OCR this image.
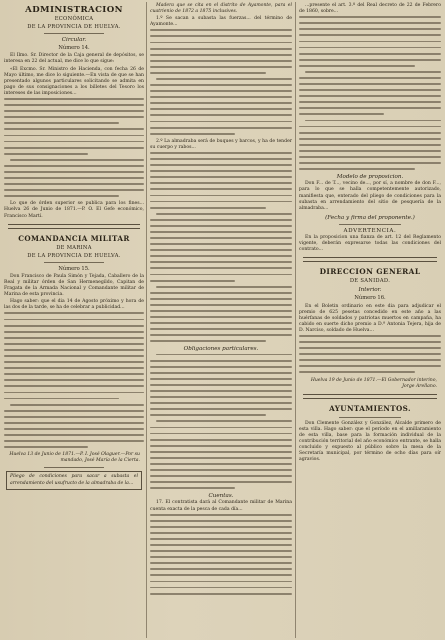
ADMINISTRACION
ECONÓMICA
DE LA PROVINCIA DE HUELVA.
Circular.
Número 14.
El Ilmo. Sr. Director de la Caja general de depósitos, se interesa en 22 del actual, me dice lo que sigue:
«El Excmo. Sr. Ministro de Hacienda, con fecha 26 de Mayo último, me dice lo siguiente.—En vista de que se han presentado algunos particulares solicitando se admita en pago de sus consignaciones a los billetes del Tesoro los intereses de las imposiciones...
Lo que de órden superior se publica para los fines... Huelva 26 de Junio de 1871.—P. O. El Gefe económico, Francisco Martí.
COMANDANCIA MILITAR
DE MARINA
DE LA PROVINCIA DE HUELVA.
Número 15.
Don Francisco de Paula Simón y Tejada, Caballero de la Real y militar órden de San Hermenegildo, Capitan de Fragata de la Armada Nacional y Comandante militar de Marina de esta provincia.
Hago saber: que el dia 14 de Agosto próximo y hora de las dos de la tarde, se ha de celebrar a publicidad...
Huelva 13 de Junio de 1871.—P. I. José Olaguer.—Por su mandado, José María de la Cierta.
Pliego de condiciones para sacar a subasta el arrendamiento del usufructo de la almadraba de la...
Madera que se cita en el distrito de Ayamonte, para el cuatrienio de 1872 a 1875 inclusives.
1.º Se sacan a subasta las fuerzas... del término de Ayamonte...
2.º La almadraba será de buques y barcos, y ha de tender su cuerpo y rabos...
Obligaciones particulares.
Cuentas.
17. El contratista dará al Comandante militar de Marina cuenta exacta de la pesca de cada día...
...presente el art. 3.º del Real decreto de 22 de Febrero de 1860, sobre...
Modelo de proposicion.
Don F... de T..., vecino de..., por sí, a nombre de don F..., para lo que se halla competentemente autorizado, manifiesta que, enterado del pliego de condiciones para la subasta en arrendamiento del sitio de pesquería de la almadraba...
(Fecha y firma del proponente.)
ADVERTENCIA.
En la proposicion una fianza de art. 12 del Reglamento vigente, deberán expresarse todas las condiciones del contrato...
DIRECCION GENERAL
DE SANIDAD.
Interior.
Número 16.
En el Boletin ordinario en este dia para adjudicar el premio de 625 pesetas concedido en este año a las huérfanas de soldados y patriotas muertos en campaña, ha cabido en suerte dicho premio a D.ª Antonia Tejera, hija de D. Narciso, soldado de Huelva...
Huelva 19 de Junio de 1871.—El Gobernador interino, Jorge Arellano.
AYUNTAMIENTOS.
Don Clemente González y González, Alcalde primero de esta villa. Hago saber: que el período en el amillaramiento de esta villa, base para la formación individual de la contribución territorial del año económico entrante, se halla concluido y expuesto al público sobre la mesa de la Secretaría municipal, por término de ocho días para oír agravios.
